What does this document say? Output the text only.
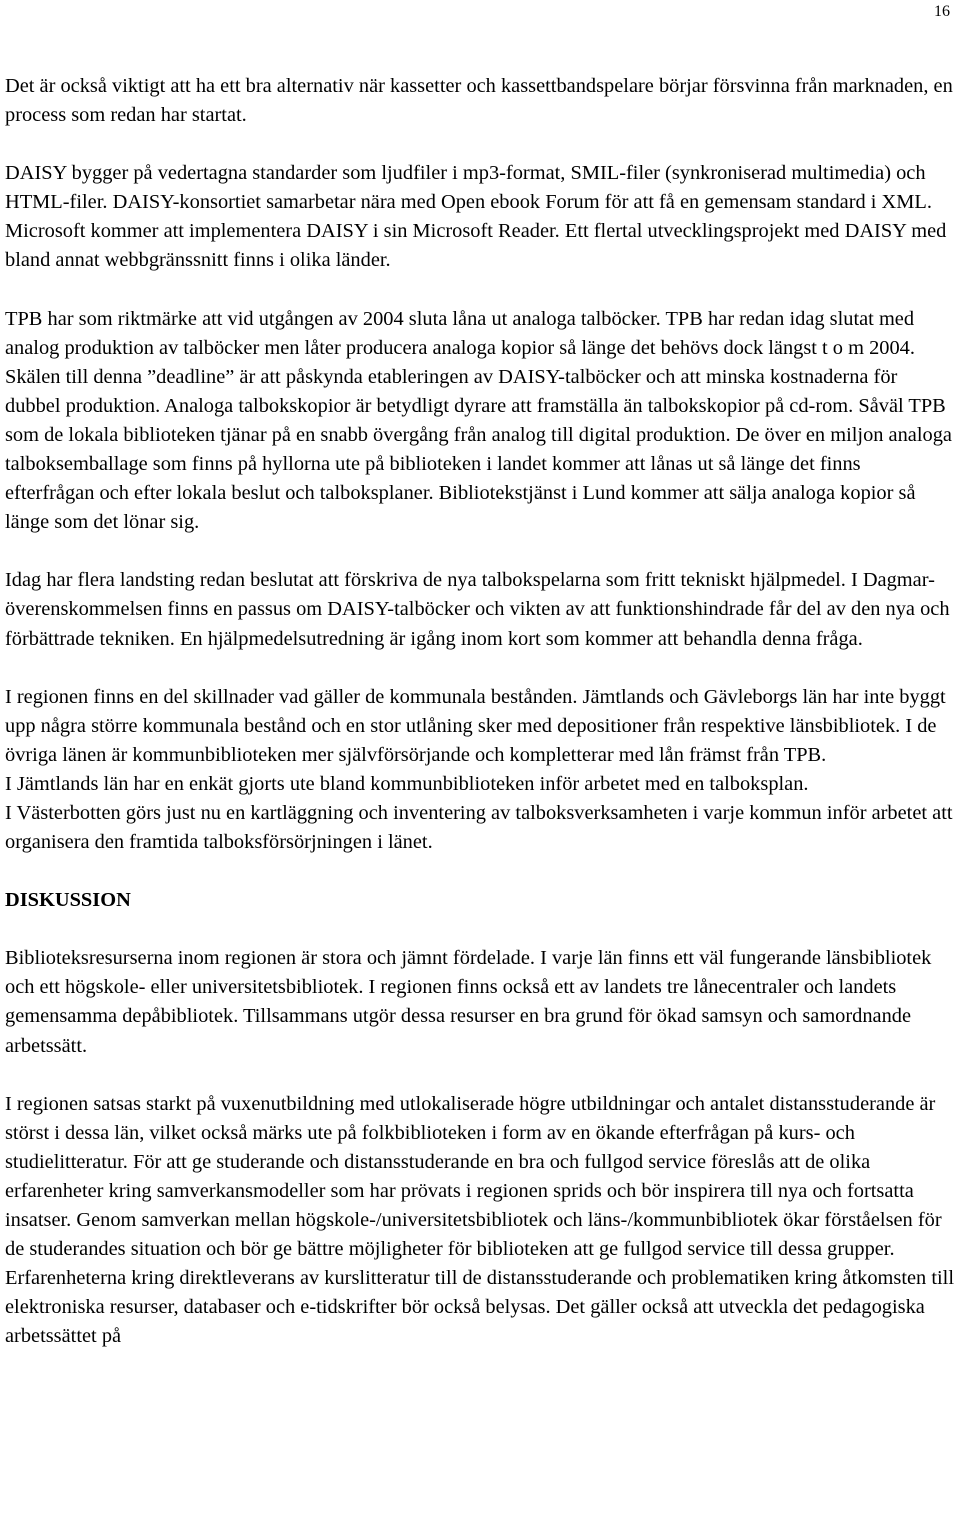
16

Det är också viktigt att ha ett bra alternativ när kassetter och kassettbandspelare börjar försvinna från marknaden, en process som redan har startat.

DAISY bygger på vedertagna standarder som ljudfiler i mp3-format, SMIL-filer (synkroniserad multimedia) och HTML-filer. DAISY-konsortiet samarbetar nära med Open ebook Forum för att få en gemensam standard i XML. Microsoft kommer att implementera DAISY i sin Microsoft Reader. Ett flertal utvecklingsprojekt med DAISY med bland annat webbgränssnitt finns i olika länder.

TPB har som riktmärke att vid utgången av 2004 sluta låna ut analoga talböcker. TPB har redan idag slutat med analog produktion av talböcker men låter producera analoga kopior så länge det behövs dock längst t o m 2004. Skälen till denna ”deadline” är att påskynda etableringen av DAISY-talböcker och att minska kostnaderna för dubbel produktion. Analoga talbokskopior är betydligt dyrare att framställa än talbokskopior på cd-rom. Såväl TPB som de lokala biblioteken tjänar på en snabb övergång från analog till digital produktion. De över en miljon analoga talboksemballage som finns på hyllorna ute på biblioteken i landet kommer att lånas ut så länge det finns efterfrågan och efter lokala beslut och talboksplaner. Bibliotekstjänst i Lund kommer att sälja analoga kopior så länge som det lönar sig.

Idag har flera landsting redan beslutat att förskriva de nya talbokspelarna som fritt tekniskt hjälpmedel. I Dagmar-överenskommelsen finns en passus om DAISY-talböcker och vikten av att funktionshindrade får del av den nya och förbättrade tekniken. En hjälpmedelsutredning är igång inom kort som kommer att behandla denna fråga.

I regionen finns en del skillnader vad gäller de kommunala bestånden. Jämtlands och Gävleborgs län har inte byggt upp några större kommunala bestånd och en stor utlåning sker med depositioner från respektive länsbibliotek. I de övriga länen är kommunbiblioteken mer självförsörjande och kompletterar med lån främst från TPB.

I Jämtlands län har en enkät gjorts ute bland kommunbiblioteken inför arbetet med en talboksplan.

I Västerbotten görs just nu en kartläggning och inventering av talboksverksamheten i varje kommun inför arbetet att organisera den framtida talboksförsörjningen i länet.

DISKUSSION

Biblioteksresurserna inom regionen är stora och jämnt fördelade. I varje län finns ett väl fungerande länsbibliotek och ett högskole- eller universitetsbibliotek. I regionen finns också ett av landets tre lånecentraler och landets gemensamma depåbibliotek. Tillsammans utgör dessa resurser en bra grund för ökad samsyn och samordnande arbetssätt.

I regionen satsas starkt på vuxenutbildning med utlokaliserade högre utbildningar och antalet distansstuderande är störst i dessa län, vilket också märks ute på folkbiblioteken i form av en ökande efterfrågan på kurs- och studielitteratur. För att ge studerande och distansstuderande en bra och fullgod service föreslås att de olika erfarenheter kring samverkansmodeller som har prövats i regionen sprids och bör inspirera till nya och fortsatta insatser. Genom samverkan mellan högskole-/universitetsbibliotek och läns-/kommunbibliotek ökar förståelsen för de studerandes situation och bör ge bättre möjligheter för biblioteken att ge fullgod service till dessa grupper. Erfarenheterna kring direktleverans av kurslitteratur till de distansstuderande och problematiken kring åtkomsten till elektroniska resurser, databaser och e-tidskrifter bör också belysas. Det gäller också att utveckla det pedagogiska arbetssättet på
